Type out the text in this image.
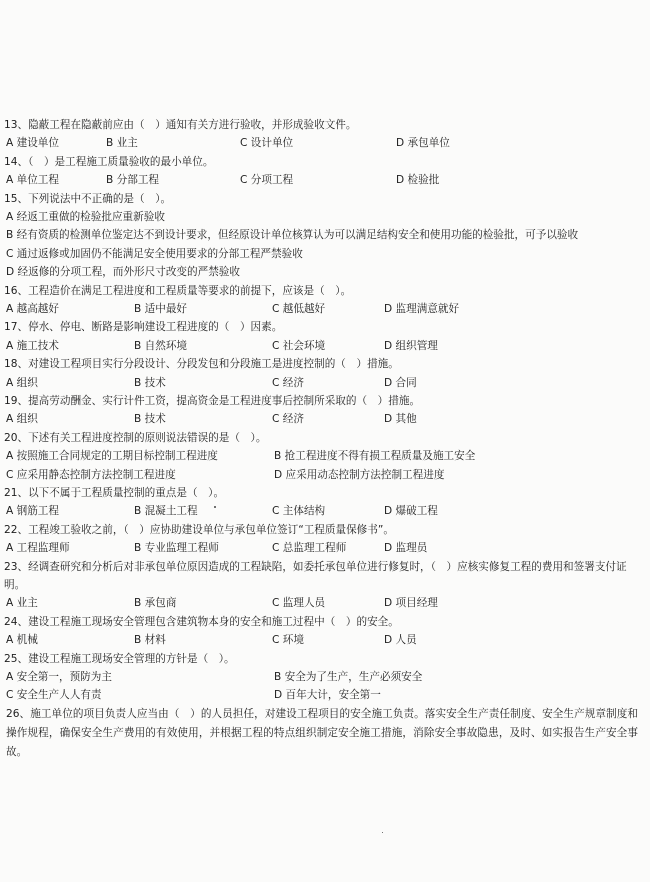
13、隐蔽工程在隐蔽前应由（　）通知有关方进行验收，并形成验收文件。
A 建设单位	B 业主	C 设计单位	D 承包单位
14、（　）是工程施工质量验收的最小单位。
A 单位工程	B 分部工程	C 分项工程	D 检验批
15、下列说法中不正确的是（　）。
A 经返工重做的检验批应重新验收
B 经有资质的检测单位鉴定达不到设计要求，但经原设计单位核算认为可以满足结构安全和使用功能的检验批，可予以验收
C 通过返修或加固仍不能满足安全使用要求的分部工程严禁验收
D 经返修的分项工程，而外形尺寸改变的严禁验收
16、工程造价在满足工程进度和工程质量等要求的前提下，应该是（　）。
A 越高越好	B 适中最好	C 越低越好	D 监理满意就好
17、停水、停电、断路是影响建设工程进度的（　）因素。
A 施工技术	B 自然环境	C 社会环境	D 组织管理
18、对建设工程项目实行分段设计、分段发包和分段施工是进度控制的（　）措施。
A 组织	B 技术	C 经济	D 合同
19、提高劳动酬金、实行计件工资，提高资金是工程进度事后控制所采取的（　）措施。
A 组织	B 技术	C 经济	D 其他
20、下述有关工程进度控制的原则说法错误的是（　）。
A 按照施工合同规定的工期目标控制工程进度	B 抢工程进度不得有损工程质量及施工安全
C 应采用静态控制方法控制工程进度	D 应采用动态控制方法控制工程进度
21、以下不属于工程质量控制的重点是（　）。
A 钢筋工程	B 混凝土工程	C 主体结构	D 爆破工程
22、工程竣工验收之前，（　）应协助建设单位与承包单位签订“工程质量保修书”。
A 工程监理师	B 专业监理工程师	C 总监理工程师	D 监理员
23、经调查研究和分析后对非承包单位原因造成的工程缺陷，如委托承包单位进行修复时，（　）应核实修复工程的费用和签署支付证明。
A 业主	B 承包商	C 监理人员	D 项目经理
24、建设工程施工现场安全管理包含建筑物本身的安全和施工过程中（　）的安全。
A 机械	B 材料	C 环境	D 人员
25、建设工程施工现场安全管理的方针是（　）。
A 安全第一，预防为主	B 安全为了生产，生产必须安全
C 安全生产人人有责	D 百年大计，安全第一
26、施工单位的项目负责人应当由（　）的人员担任，对建设工程项目的安全施工负责。落实安全生产责任制度、安全生产规章制度和操作规程，确保安全生产费用的有效使用，并根据工程的特点组织制定安全施工措施，消除安全事故隐患，及时、如实报告生产安全事故。
